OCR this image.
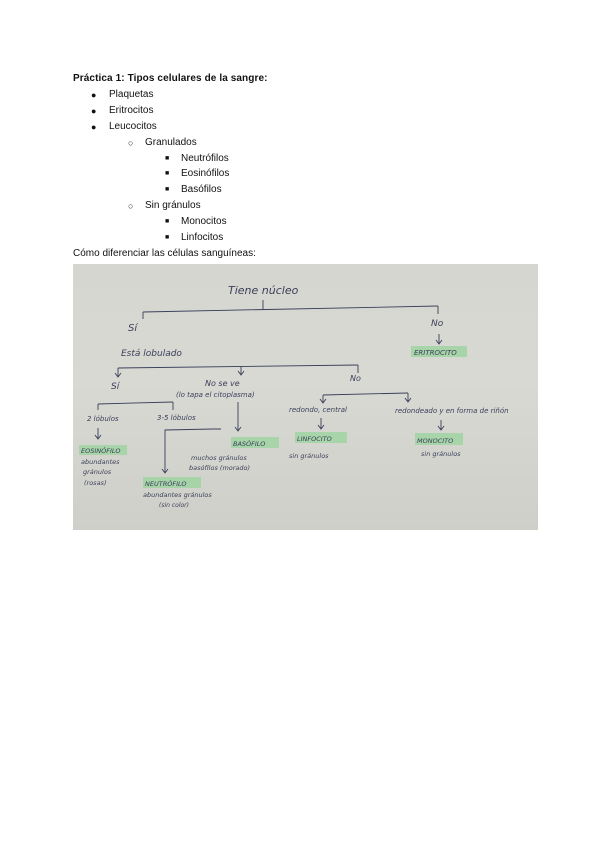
Práctica 1: Tipos celulares de la sangre:
● Plaquetas
● Eritrocitos
● Leucocitos
○ Granulados
■ Neutrófilos
■ Eosinófilos
■ Basófilos
○ Sin gránulos
■ Monocitos
■ Linfocitos
Cómo diferenciar las células sanguíneas:
Tiene núcleo
Sí	No
ERITROCITO
Está lobulado
Sí	No se ve
(lo tapa el citoplasma)
No
2 lóbulos	3-5 lóbulos
redondo, central	redondeado y en forma de riñón
EOSINÓFILO
abundantes
gránulos
(rosas)	NEUTRÓFILO
abundantes gránulos
(sin color)
BASÓFILO
muchos gránulos
basófilos (morado)
LINFOCITO
sin gránulos
MONOCITO
sin gránulos
